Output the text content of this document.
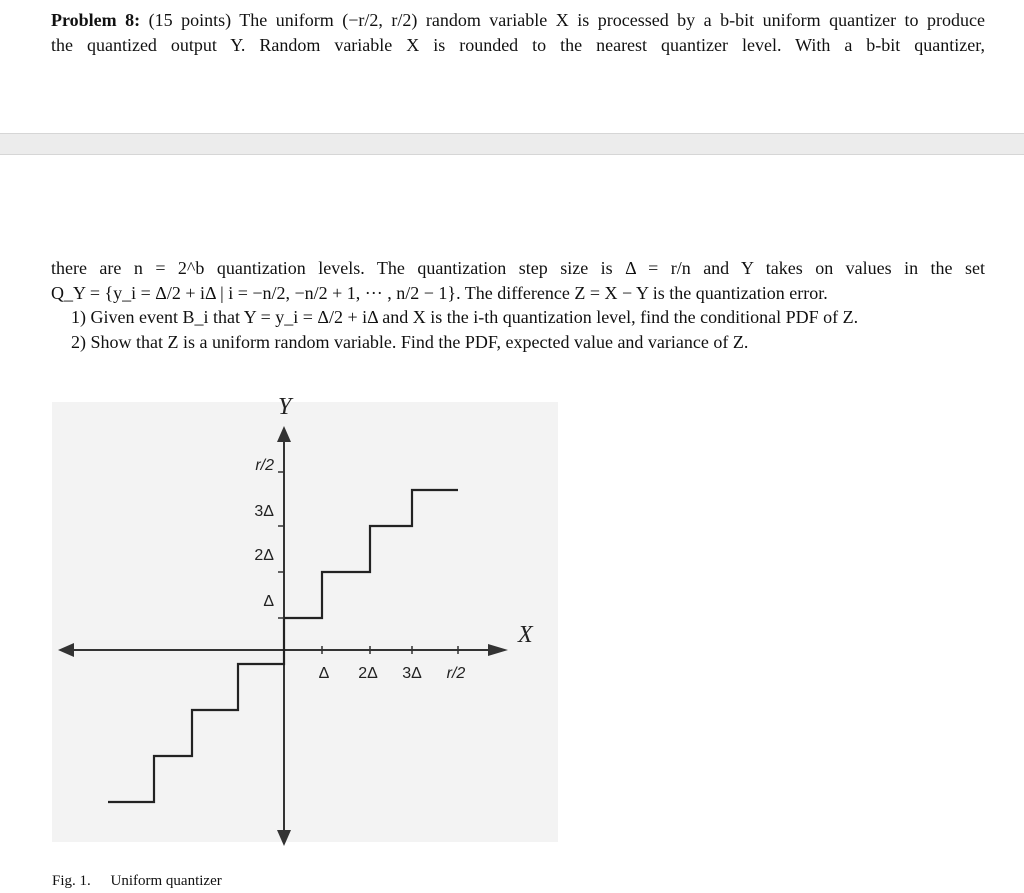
Problem 8: (15 points) The uniform (−r/2, r/2) random variable X is processed by a b-bit uniform quantizer to produce
the quantized output Y. Random variable X is rounded to the nearest quantizer level. With a b-bit quantizer,
there are n = 2^b quantization levels. The quantization step size is Δ = r/n and Y takes on values in the set
Q_Y = {y_i = Δ/2 + iΔ | i = −n/2, −n/2 + 1, ··· , n/2 − 1}. The difference Z = X − Y is the quantization error.
1) Given event B_i that Y = y_i = Δ/2 + iΔ and X is the i-th quantization level, find the conditional PDF of Z.
2) Show that Z is a uniform random variable. Find the PDF, expected value and variance of Z.
Y
X
r/2
3Δ
2Δ
Δ
Δ 2Δ 3Δ r/2
Fig. 1. Uniform quantizer
